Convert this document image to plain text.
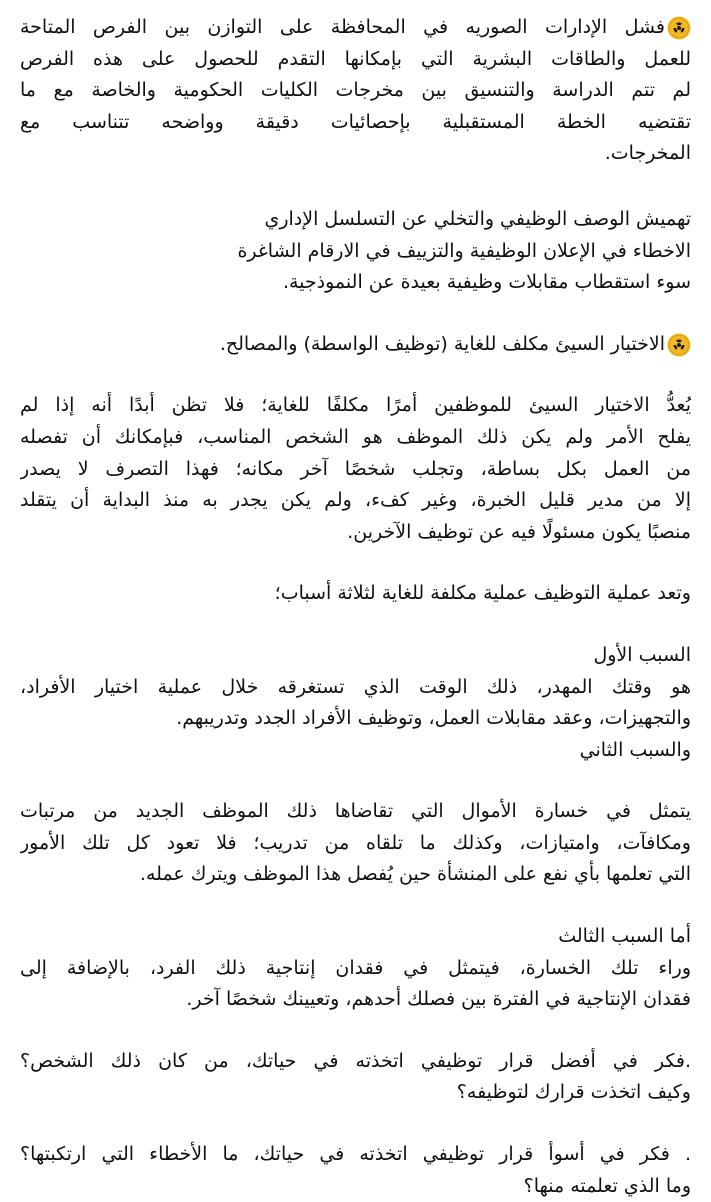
فشل الإدارات الصوريه في المحافظة على التوازن بين الفرص المتاحة
للعمل والطاقات البشرية التي بإمكانها التقدم للحصول على هذه الفرص
لم تتم الدراسة والتنسيق بين مخرجات الكليات الحكومية والخاصة مع ما
تقتضيه الخطة المستقبلية بإحصائيات دقيقة وواضحه تتناسب مع
المخرجات.
تهميش الوصف الوظيفي والتخلي عن التسلسل الإداري
الاخطاء في الإعلان الوظيفية والتزييف في الارقام الشاغرة
سوء استقطاب مقابلات وظيفية بعيدة عن النموذجية.
الاختيار السيئ مكلف للغاية (توظيف الواسطة) والمصالح.
يُعدُّ الاختيار السيئ للموظفين أمرًا مكلفًا للغاية؛ فلا تظن أبدًا أنه إذا لم
يفلح الأمر ولم يكن ذلك الموظف هو الشخص المناسب، فبإمكانك أن تفصله
من العمل بكل بساطة، وتجلب شخصًا آخر مكانه؛ فهذا التصرف لا يصدر
إلا من مدير قليل الخبرة، وغير كفء، ولم يكن يجدر به منذ البداية أن يتقلد
منصبًا يكون مسئولًا فيه عن توظيف الآخرين.
وتعد عملية التوظيف عملية مكلفة للغاية لثلاثة أسباب؛
السبب الأول
هو وقتك المهدر، ذلك الوقت الذي تستغرقه خلال عملية اختيار الأفراد،
والتجهيزات، وعقد مقابلات العمل، وتوظيف الأفراد الجدد وتدريبهم.
والسبب الثاني
يتمثل في خسارة الأموال التي تقاضاها ذلك الموظف الجديد من مرتبات
ومكافآت، وامتيازات، وكذلك ما تلقاه من تدريب؛ فلا تعود كل تلك الأمور
التي تعلمها بأي نفع على المنشأة حين يُفصل هذا الموظف ويترك عمله.
أما السبب الثالث
وراء تلك الخسارة، فيتمثل في فقدان إنتاجية ذلك الفرد، بالإضافة إلى
فقدان الإنتاجية في الفترة بين فصلك أحدهم، وتعيينك شخصًا آخر.
.فكر في أفضل قرار توظيفي اتخذته في حياتك، من كان ذلك الشخص؟
وكيف اتخذت قرارك لتوظيفه؟
. فكر في أسوأ قرار توظيفي اتخذته في حياتك، ما الأخطاء التي ارتكبتها؟
وما الذي تعلمته منها؟
